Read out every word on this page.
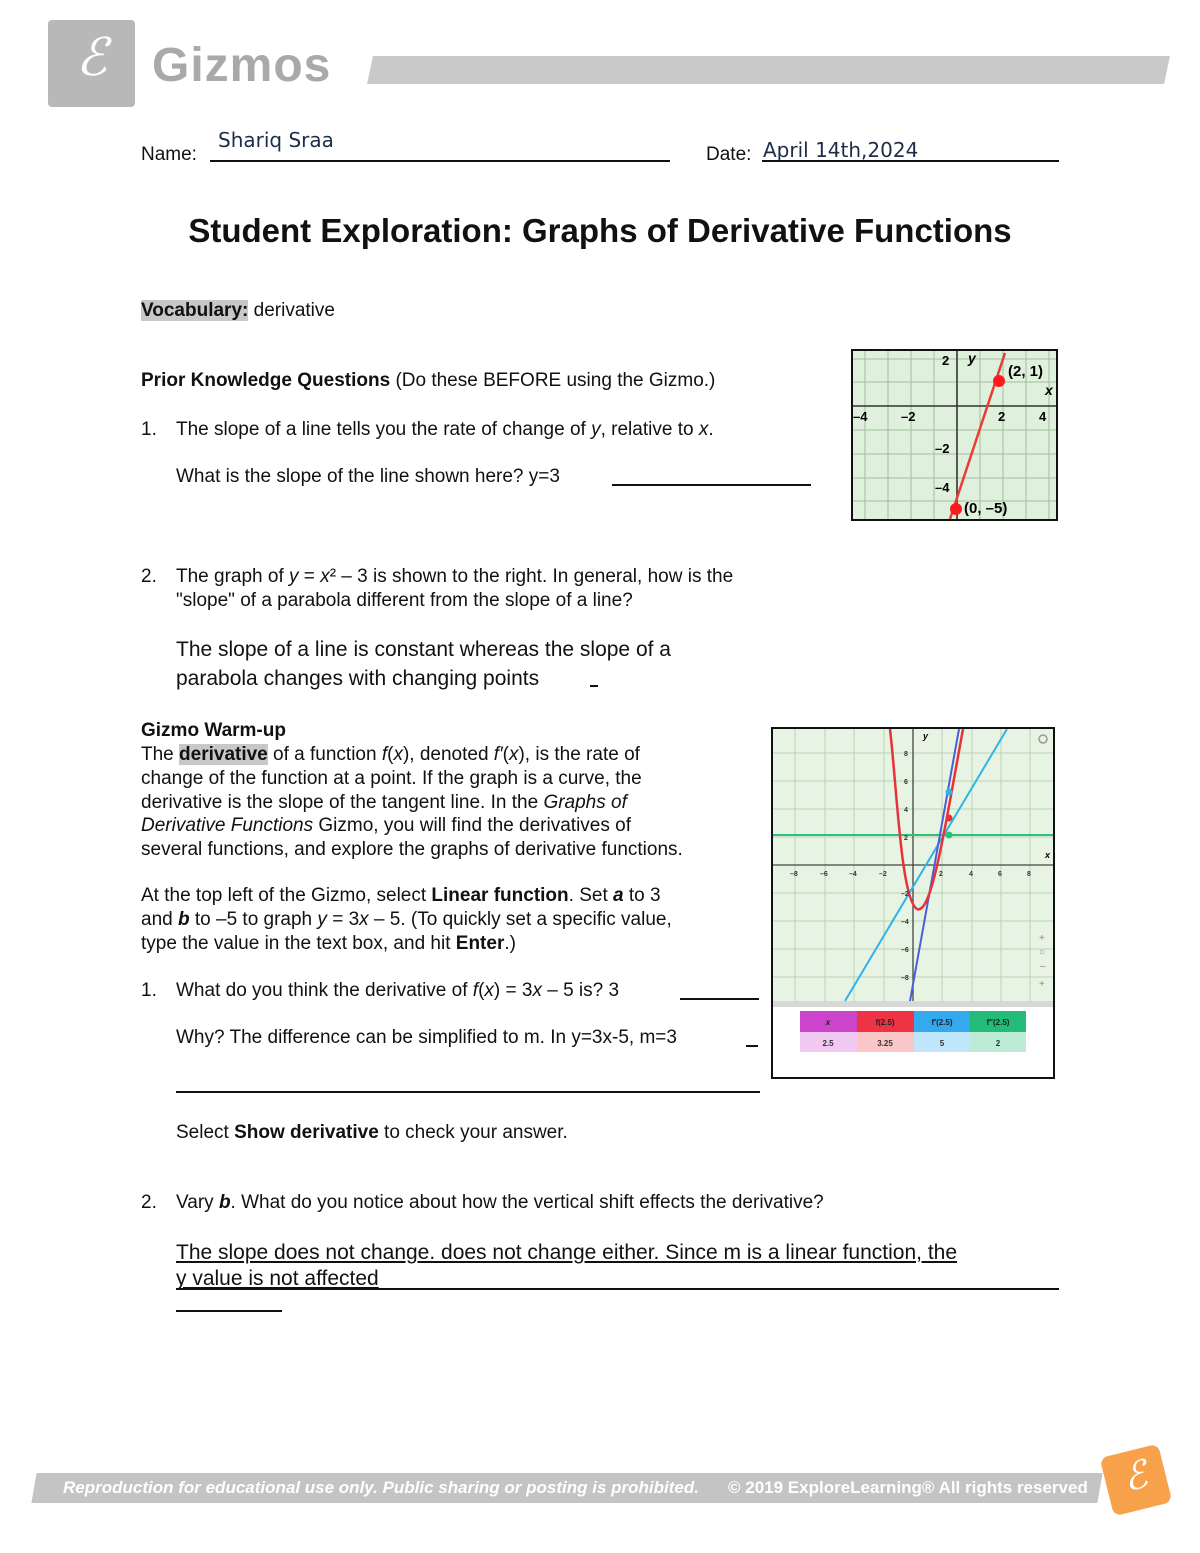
ℰ Gizmos
Name:
Shariq Sraa
Date: April 14th,2024
Student Exploration: Graphs of Derivative Functions
Vocabulary: derivative
Prior Knowledge Questions (Do these BEFORE using the Gizmo.)
1. The slope of a line tells you the rate of change of y, relative to x.
What is the slope of the line shown here? y=3
y
x
(2, 1)
(0, –5)
–4	–2	2	4
2
–2
–4
2. The graph of y = x² – 3 is shown to the right. In general, how is the
"slope" of a parabola different from the slope of a line?
The slope of a line is constant whereas the slope of a
parabola changes with changing points
Gizmo Warm-up
The derivative of a function f(x), denoted f′(x), is the rate of
change of the function at a point. If the graph is a curve, the
derivative is the slope of the tangent line. In the Graphs of
Derivative Functions Gizmo, you will find the derivatives of
several functions, and explore the graphs of derivative functions.
At the top left of the Gizmo, select Linear function. Set a to 3
and b to –5 to graph y = 3x – 5. (To quickly set a specific value,
type the value in the text box, and hit Enter.)
1. What do you think the derivative of f(x) = 3x – 5 is? 3
Why? The difference can be simplified to m. In y=3x-5, m=3
Select Show derivative to check your answer.
y
x
–8	–6	–4	–2	2	4	6	8
8
6
4
2
–2
–4
–6
–8
+
○
–
+
x	f(2.5)	f′(2.5)	f″(2.5)
2.5	3.25	5	2
2. Vary b. What do you notice about how the vertical shift effects the derivative?
The slope does not change. does not change either. Since m is a linear function, the
y value is not affected
Reproduction for educational use only. Public sharing or posting is prohibited. © 2019 ExploreLearning® All rights reserved ℰ
